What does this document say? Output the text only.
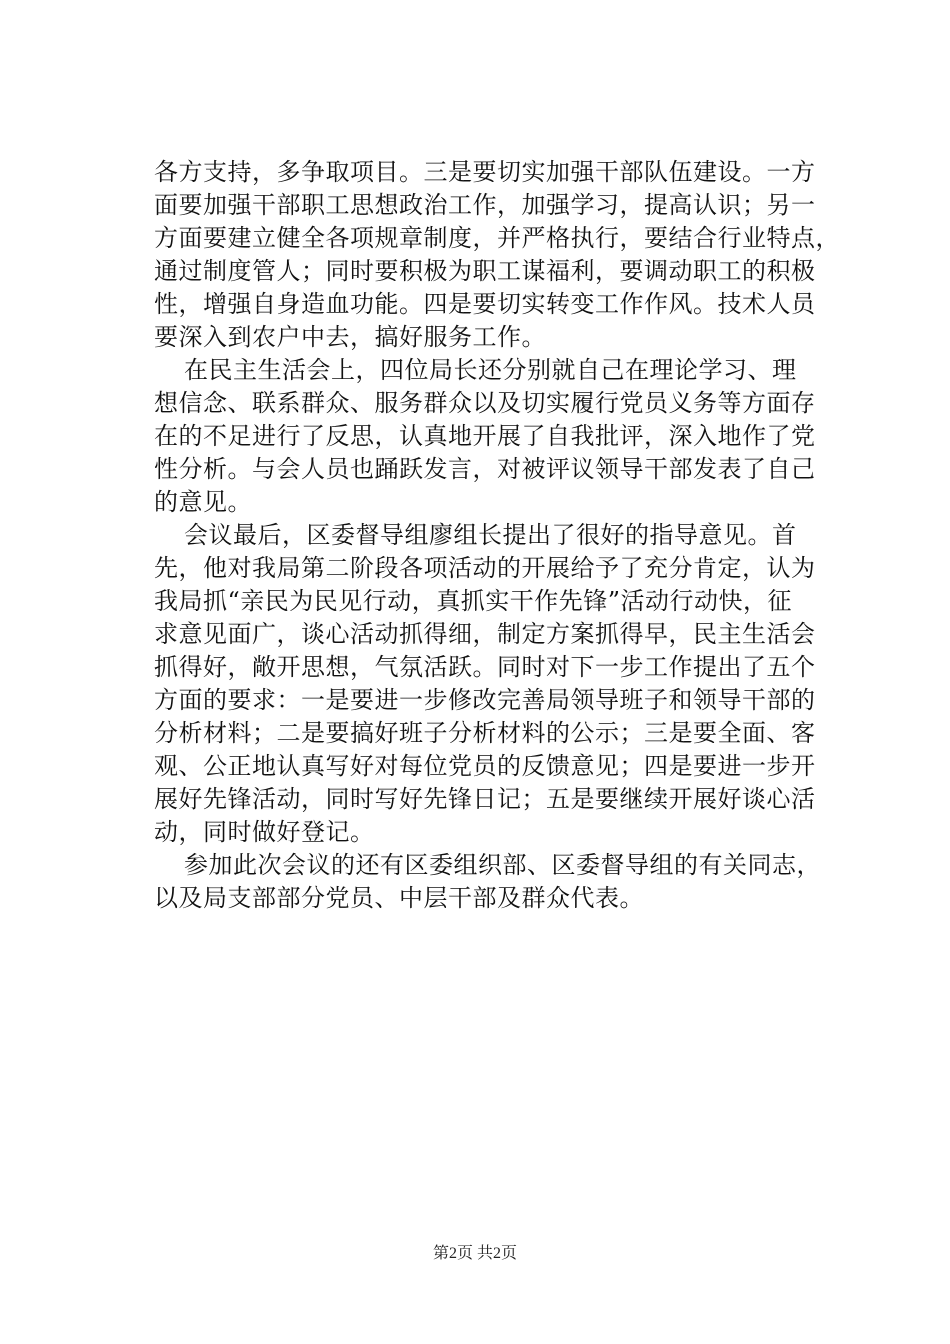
各方支持，多争取项目。三是要切实加强干部队伍建设。一方
面要加强干部职工思想政治工作，加强学习，提高认识；另一
方面要建立健全各项规章制度，并严格执行，要结合行业特点，
通过制度管人；同时要积极为职工谋福利，要调动职工的积极
性，增强自身造血功能。四是要切实转变工作作风。技术人员
要深入到农户中去，搞好服务工作。
在民主生活会上，四位局长还分别就自己在理论学习、理
想信念、联系群众、服务群众以及切实履行党员义务等方面存
在的不足进行了反思，认真地开展了自我批评，深入地作了党
性分析。与会人员也踊跃发言，对被评议领导干部发表了自己
的意见。
会议最后，区委督导组廖组长提出了很好的指导意见。首
先，他对我局第二阶段各项活动的开展给予了充分肯定，认为
我局抓“亲民为民见行动，真抓实干作先锋”活动行动快，征
求意见面广，谈心活动抓得细，制定方案抓得早，民主生活会
抓得好，敞开思想，气氛活跃。同时对下一步工作提出了五个
方面的要求：一是要进一步修改完善局领导班子和领导干部的
分析材料；二是要搞好班子分析材料的公示；三是要全面、客
观、公正地认真写好对每位党员的反馈意见；四是要进一步开
展好先锋活动，同时写好先锋日记；五是要继续开展好谈心活
动，同时做好登记。
参加此次会议的还有区委组织部、区委督导组的有关同志，
以及局支部部分党员、中层干部及群众代表。
第2页 共2页
